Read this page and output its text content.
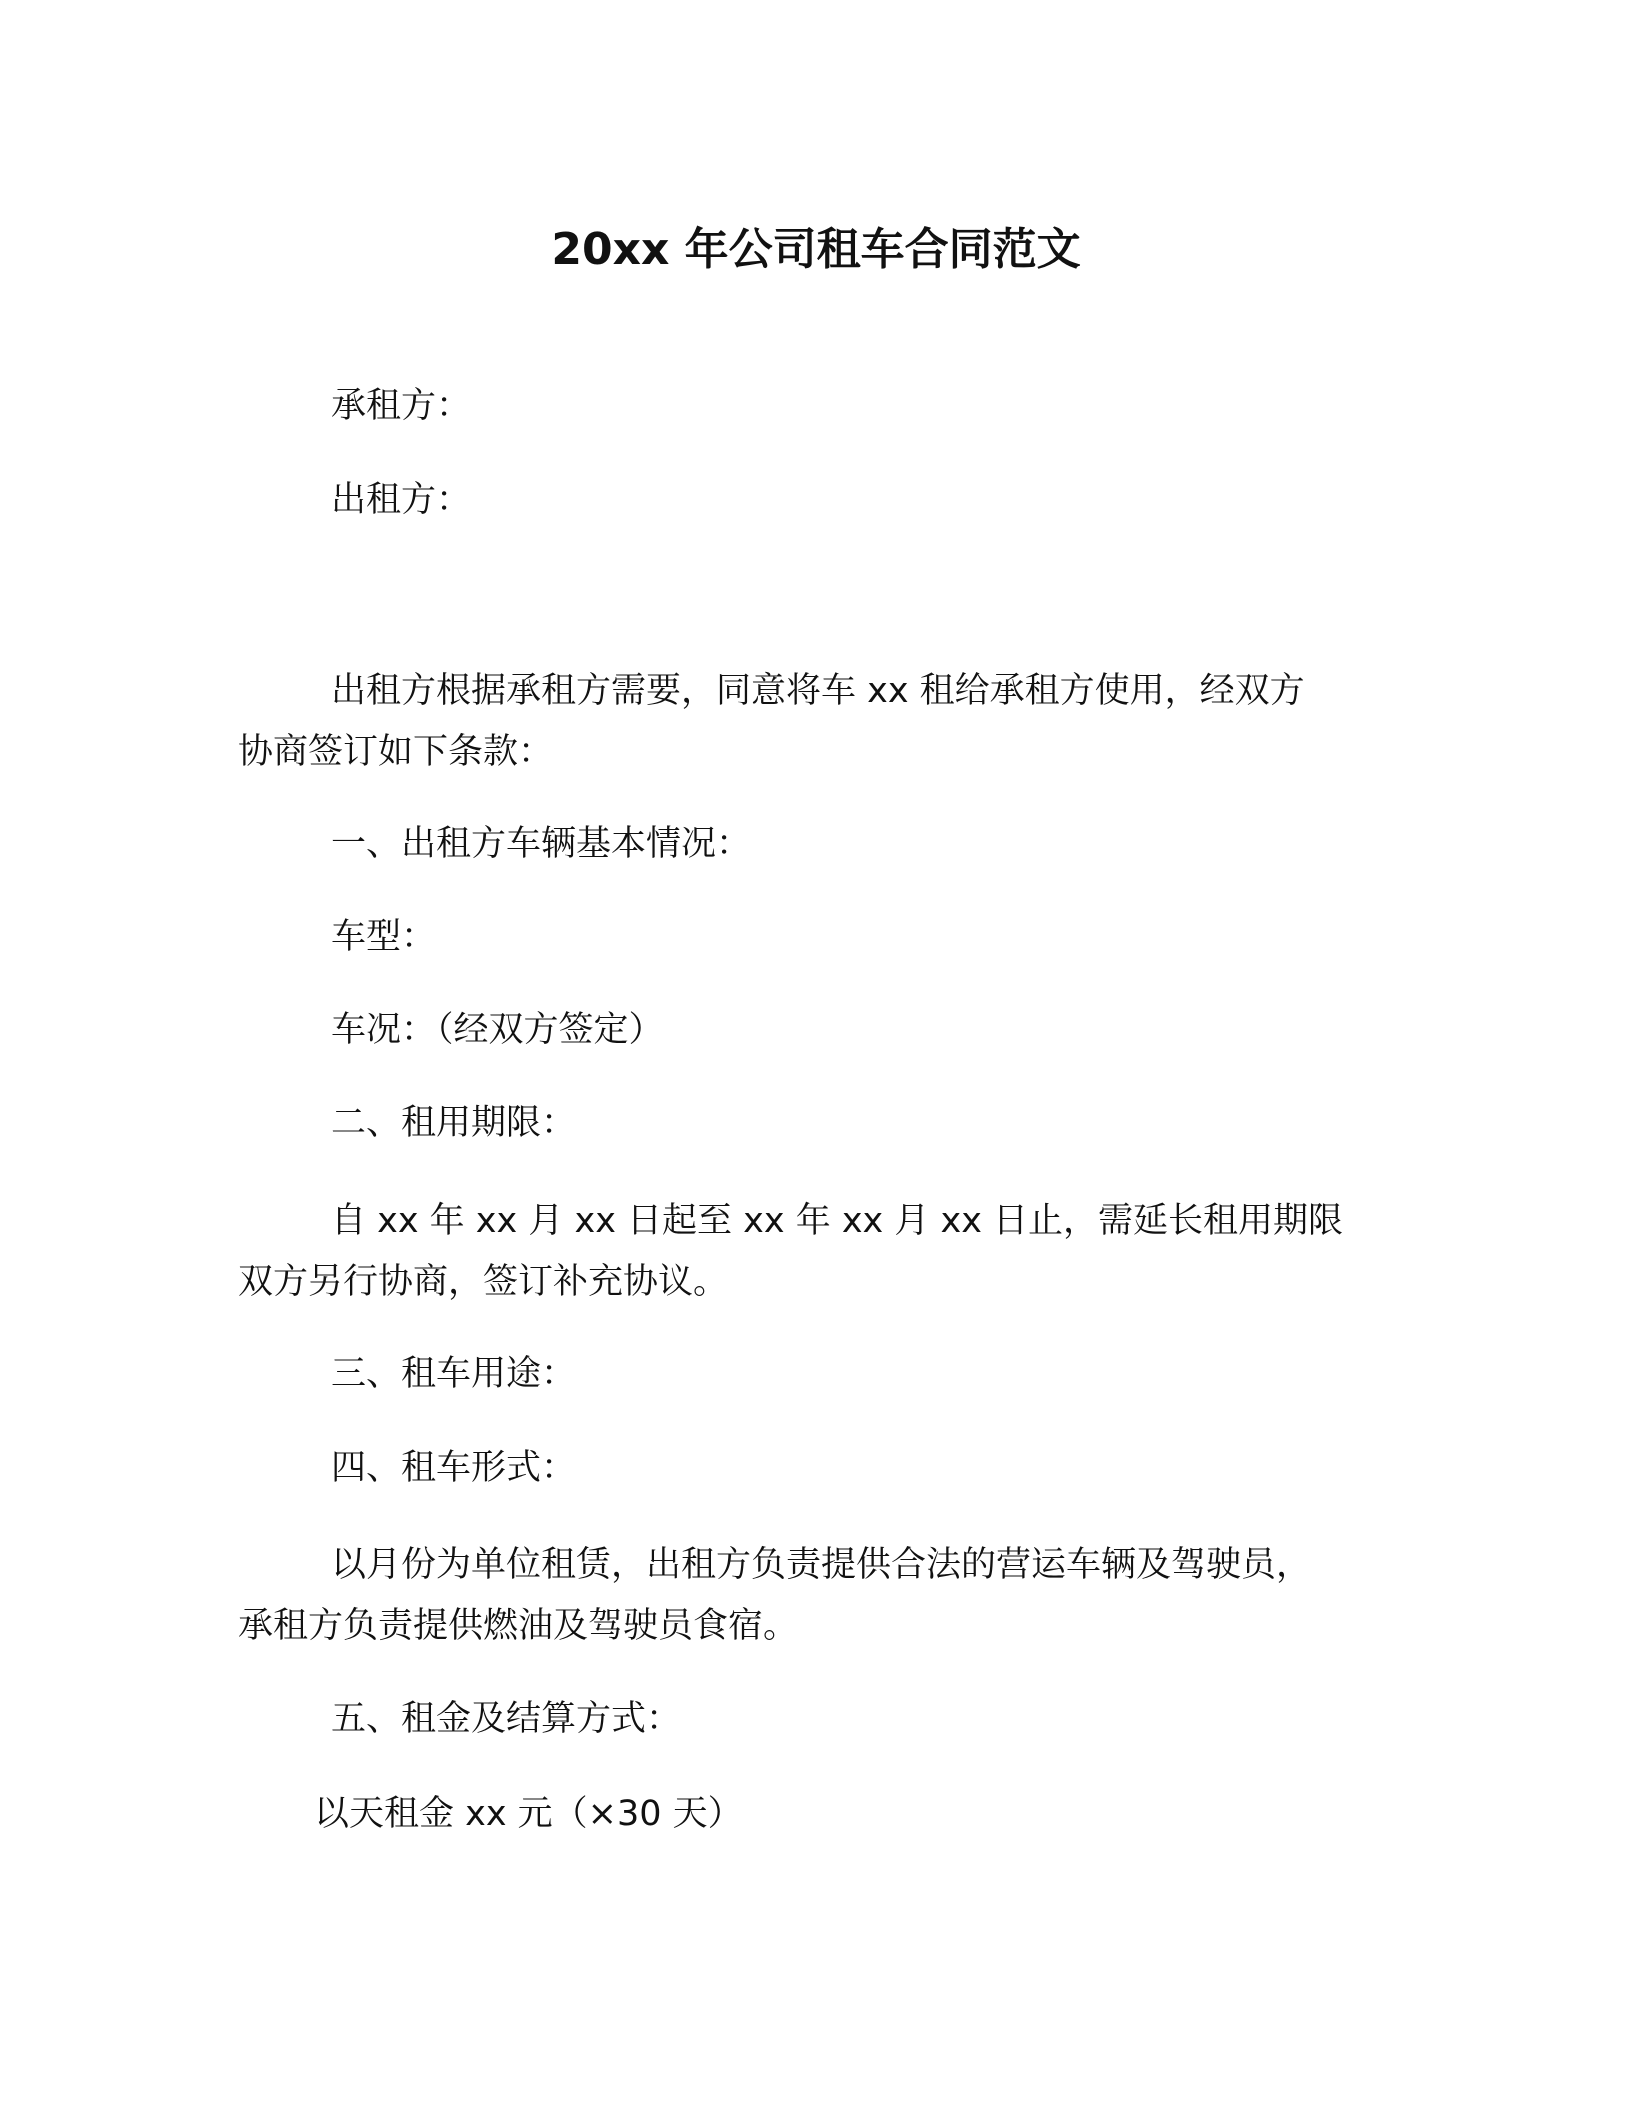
20xx 年公司租车合同范文
承租方：
出租方：
出租方根据承租方需要，同意将车 xx 租给承租方使用，经双方
协商签订如下条款：
一、出租方车辆基本情况：
车型：
车况：（经双方签定）
二、租用期限：
自 xx 年 xx 月 xx 日起至 xx 年 xx 月 xx 日止，需延长租用期限
双方另行协商，签订补充协议。
三、租车用途：
四、租车形式：
以月份为单位租赁，出租方负责提供合法的营运车辆及驾驶员，
承租方负责提供燃油及驾驶员食宿。
五、租金及结算方式：
以天租金 xx 元（×30 天）
